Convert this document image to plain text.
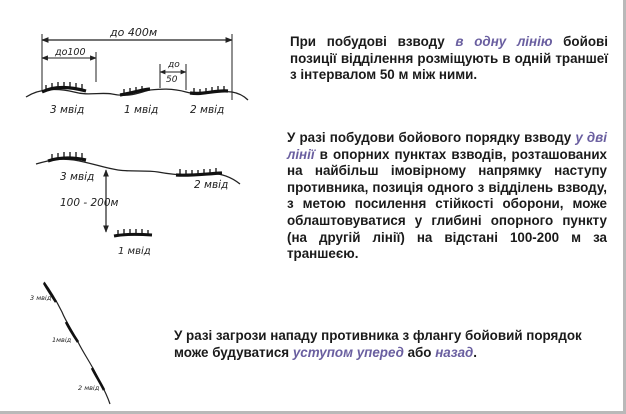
до 400м
до100
до
50
3 мвід	1 мвід	2 мвід
3 мвід
2 мвід
100 - 200м
1 мвід
3 мвід
1мвід
2 мвід
При побудові взводу в одну лінію бойові позиції відділення розміщують в одній траншеї з інтервалом 50 м між ними.
У разі побудови бойового порядку взводу у дві лінії в опорних пунктах взводів, розташованих на найбільш імовірному напрямку наступу противника, позиція одного з відділень взводу, з метою посилення стійкості оборони, може облаштовуватися у глибині опорного пункту (на другій лінії) на відстані 100-200 м за траншеєю.
У разі загрози нападу противника з флангу бойовий порядок може будуватися уступом уперед або назад.
